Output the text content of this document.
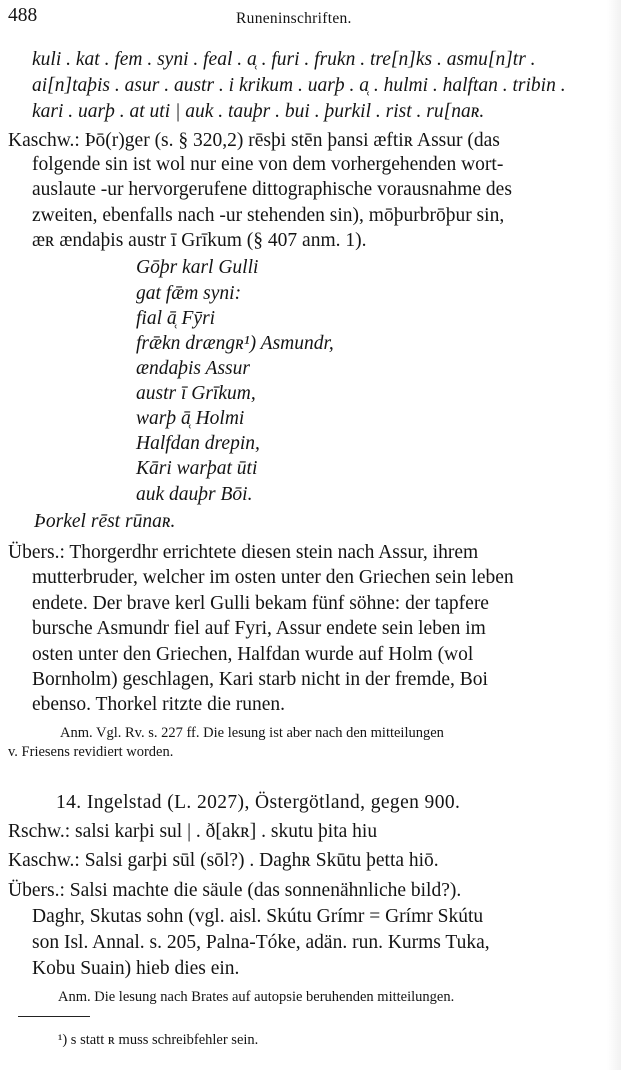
488	Runeninschriften.
kuli . kat . fem . syni . feal . a̜ . furi . frukn . tre[n]ks . asmu[n]tr .
ai[n]taþis . asur . austr . i krikum . uarþ . a̜ . hulmi . halftan . tribin .
kari . uarþ . at uti | auk . tauþr . bui . þurkil . rist . ru[naʀ.
Kaschw.: Þō(r)ger (s. § 320,2) rēsþi stēn þansi æftiʀ Assur (das
folgende sin ist wol nur eine von dem vorhergehenden wort-
auslaute -ur hervorgerufene dittographische vorausnahme des
zweiten, ebenfalls nach -ur stehenden sin), mōþurbrōþur sin,
æʀ ændaþis austr ī Grīkum (§ 407 anm. 1).
Gōþr karl Gulli
gat fǣm syni:
fial ā̜ Fȳri
frǣkn drængʀ¹) Asmundr,
ændaþis Assur
austr ī Grīkum,
warþ ā̜ Holmi
Halfdan drepin,
Kāri warþat ūti
auk dauþr Bōi.
Þorkel rēst rūnaʀ.
Übers.: Thorgerdhr errichtete diesen stein nach Assur, ihrem
mutterbruder, welcher im osten unter den Griechen sein leben
endete. Der brave kerl Gulli bekam fünf söhne: der tapfere
bursche Asmundr fiel auf Fyri, Assur endete sein leben im
osten unter den Griechen, Halfdan wurde auf Holm (wol
Bornholm) geschlagen, Kari starb nicht in der fremde, Boi
ebenso. Thorkel ritzte die runen.
Anm. Vgl. Rv. s. 227 ff. Die lesung ist aber nach den mitteilungen
v. Friesens revidiert worden.
14. Ingelstad (L. 2027), Östergötland, gegen 900.
Rschw.: salsi karþi sul | . ð[akʀ] . skutu þita hiu
Kaschw.: Salsi garþi sūl (sōl?) . Daghʀ Skūtu þetta hiō.
Übers.: Salsi machte die säule (das sonnenähnliche bild?).
Daghr, Skutas sohn (vgl. aisl. Skútu Grímr = Grímr Skútu
son Isl. Annal. s. 205, Palna-Tóke, adän. run. Kurms Tuka,
Kobu Suain) hieb dies ein.
Anm. Die lesung nach Brates auf autopsie beruhenden mitteilungen.
¹) s statt ʀ muss schreibfehler sein.
